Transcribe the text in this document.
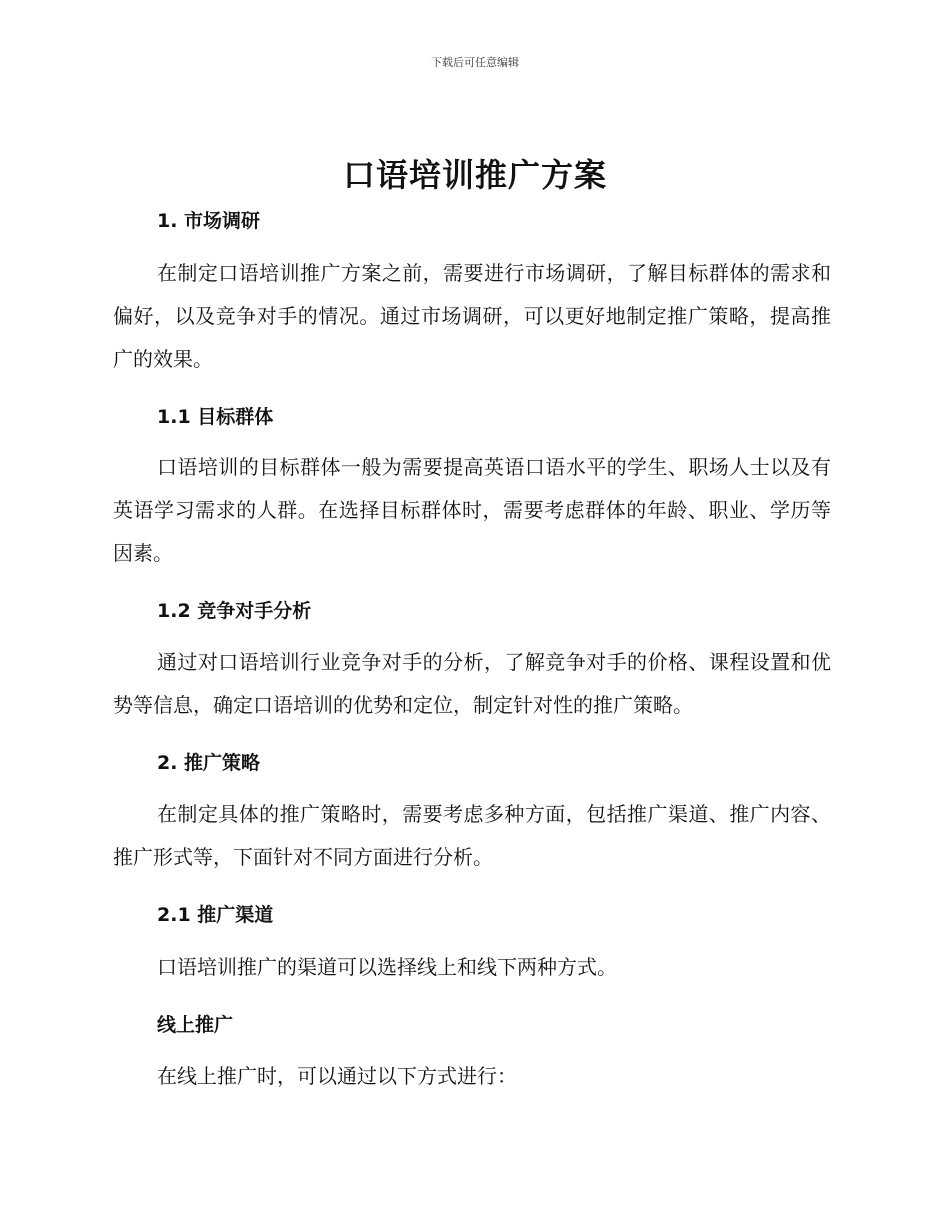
下载后可任意编辑
口语培训推广方案
1. 市场调研
在制定口语培训推广方案之前，需要进行市场调研，了解目标群体的需求和偏好，以及竞争对手的情况。通过市场调研，可以更好地制定推广策略，提高推广的效果。
1.1 目标群体
口语培训的目标群体一般为需要提高英语口语水平的学生、职场人士以及有英语学习需求的人群。在选择目标群体时，需要考虑群体的年龄、职业、学历等因素。
1.2 竞争对手分析
通过对口语培训行业竞争对手的分析，了解竞争对手的价格、课程设置和优势等信息，确定口语培训的优势和定位，制定针对性的推广策略。
2. 推广策略
在制定具体的推广策略时，需要考虑多种方面，包括推广渠道、推广内容、推广形式等，下面针对不同方面进行分析。
2.1 推广渠道
口语培训推广的渠道可以选择线上和线下两种方式。
线上推广
在线上推广时，可以通过以下方式进行：
